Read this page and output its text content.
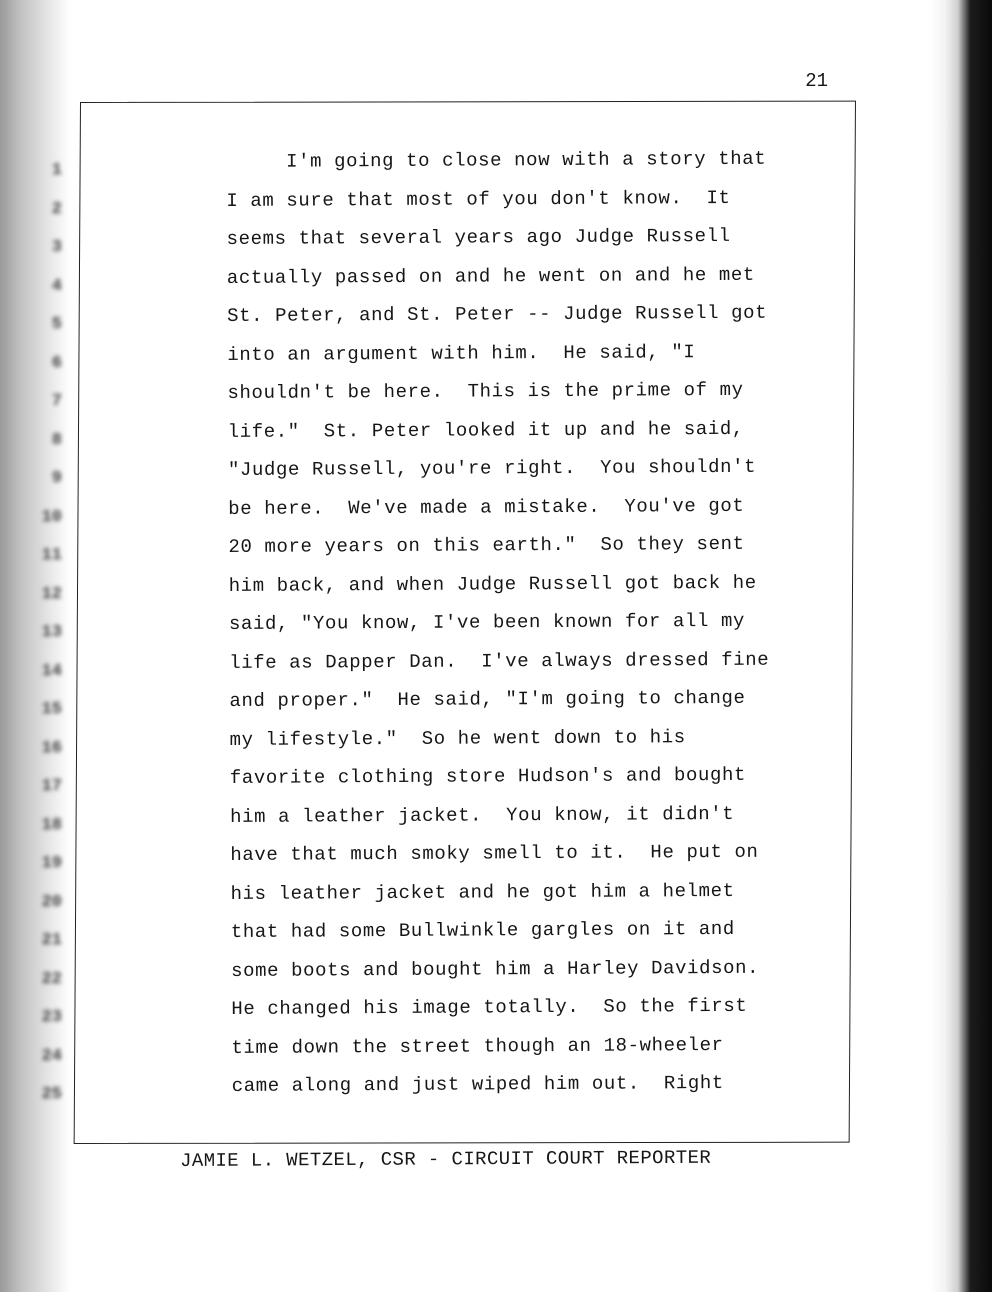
21
1
2
3
4
5
6
7
8
9
10
11
12
13
14
15
16
17
18
19
20
21
22
23
24
25
I'm going to close now with a story that
I am sure that most of you don't know.  It
seems that several years ago Judge Russell
actually passed on and he went on and he met
St. Peter, and St. Peter -- Judge Russell got
into an argument with him.  He said, "I
shouldn't be here.  This is the prime of my
life."  St. Peter looked it up and he said,
"Judge Russell, you're right.  You shouldn't
be here.  We've made a mistake.  You've got
20 more years on this earth."  So they sent
him back, and when Judge Russell got back he
said, "You know, I've been known for all my
life as Dapper Dan.  I've always dressed fine
and proper."  He said, "I'm going to change
my lifestyle."  So he went down to his
favorite clothing store Hudson's and bought
him a leather jacket.  You know, it didn't
have that much smoky smell to it.  He put on
his leather jacket and he got him a helmet
that had some Bullwinkle gargles on it and
some boots and bought him a Harley Davidson.
He changed his image totally.  So the first
time down the street though an 18-wheeler
came along and just wiped him out.  Right
JAMIE L. WETZEL, CSR - CIRCUIT COURT REPORTER
